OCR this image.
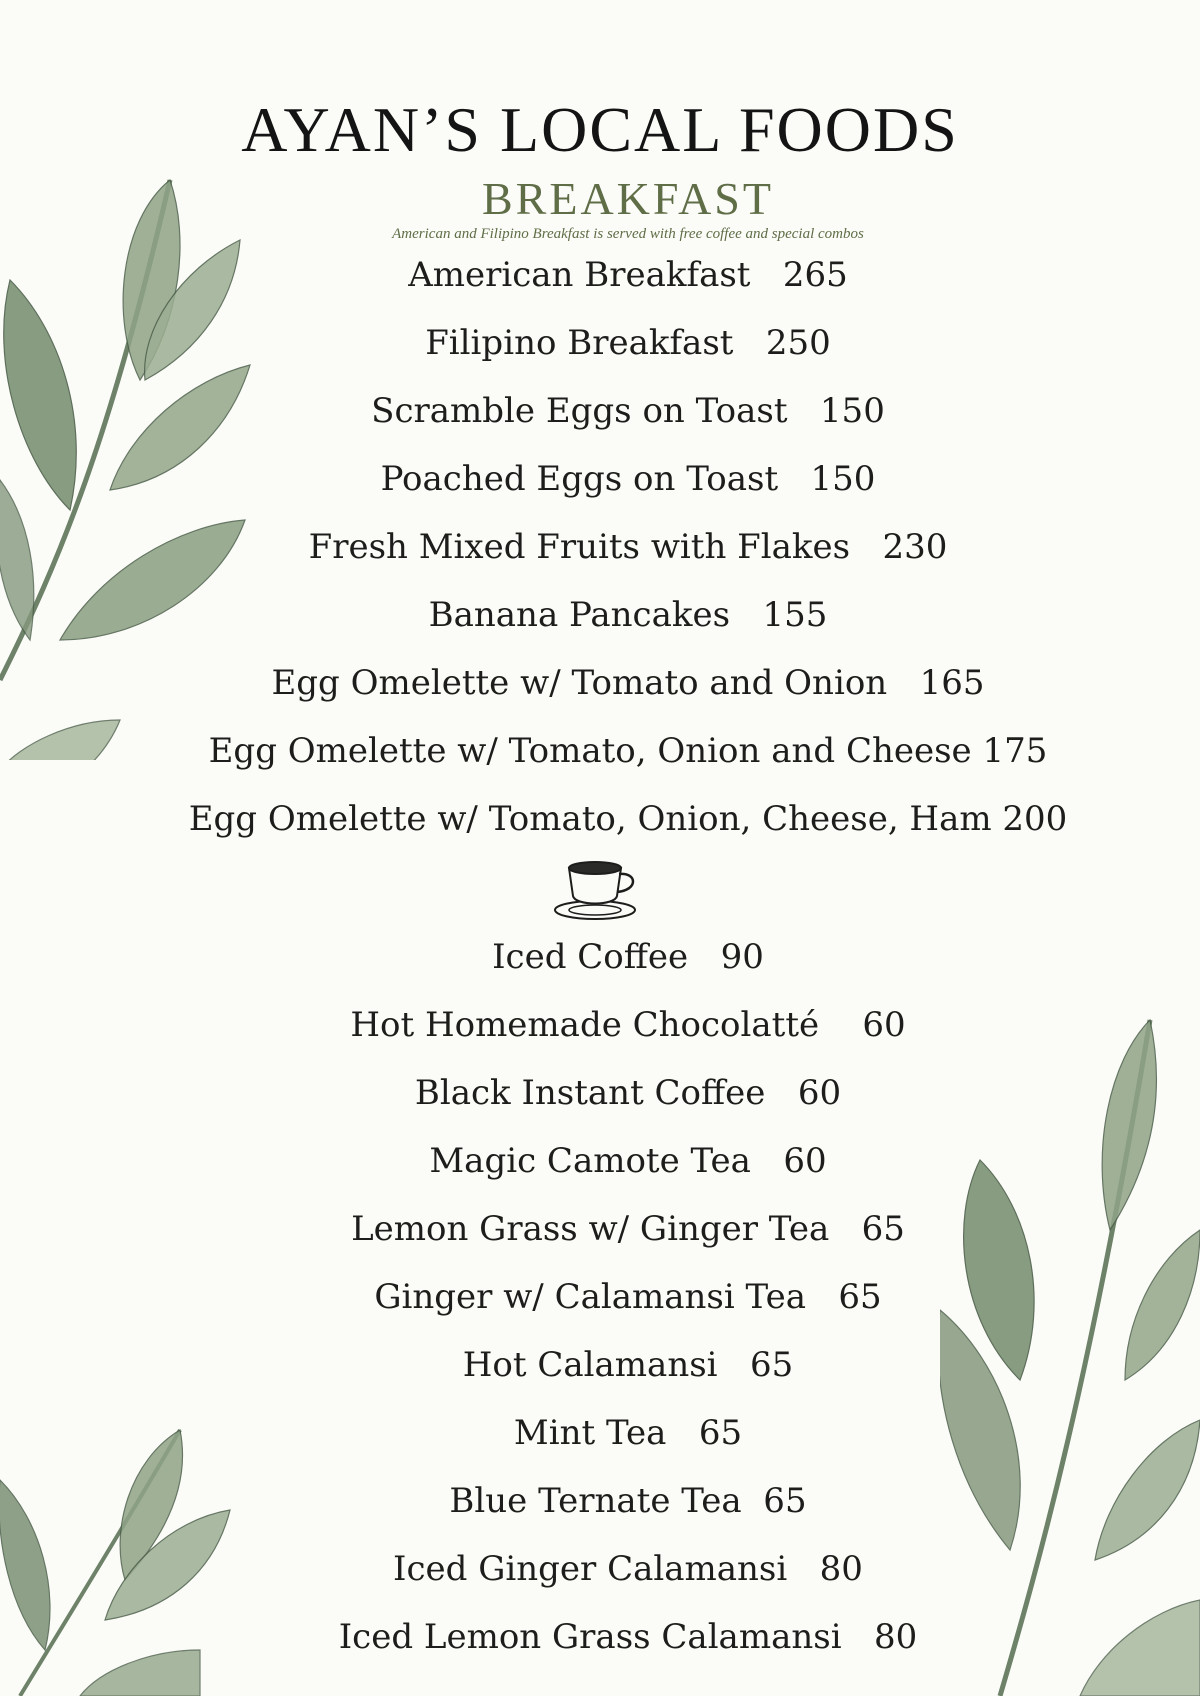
AYAN’S LOCAL FOODS
BREAKFAST
American and Filipino Breakfast is served with free coffee and special combos
American Breakfast   265
Filipino Breakfast   250
Scramble Eggs on Toast   150
Poached Eggs on Toast   150
Fresh Mixed Fruits with Flakes   230
Banana Pancakes   155
Egg Omelette w/ Tomato and Onion   165
Egg Omelette w/ Tomato, Onion and Cheese 175
Egg Omelette w/ Tomato, Onion, Cheese, Ham 200
Iced Coffee   90
Hot Homemade Chocolatté    60
Black Instant Coffee   60
Magic Camote Tea   60
Lemon Grass w/ Ginger Tea   65
Ginger w/ Calamansi Tea   65
Hot Calamansi   65
Mint Tea   65
Blue Ternate Tea  65
Iced Ginger Calamansi   80
Iced Lemon Grass Calamansi   80
